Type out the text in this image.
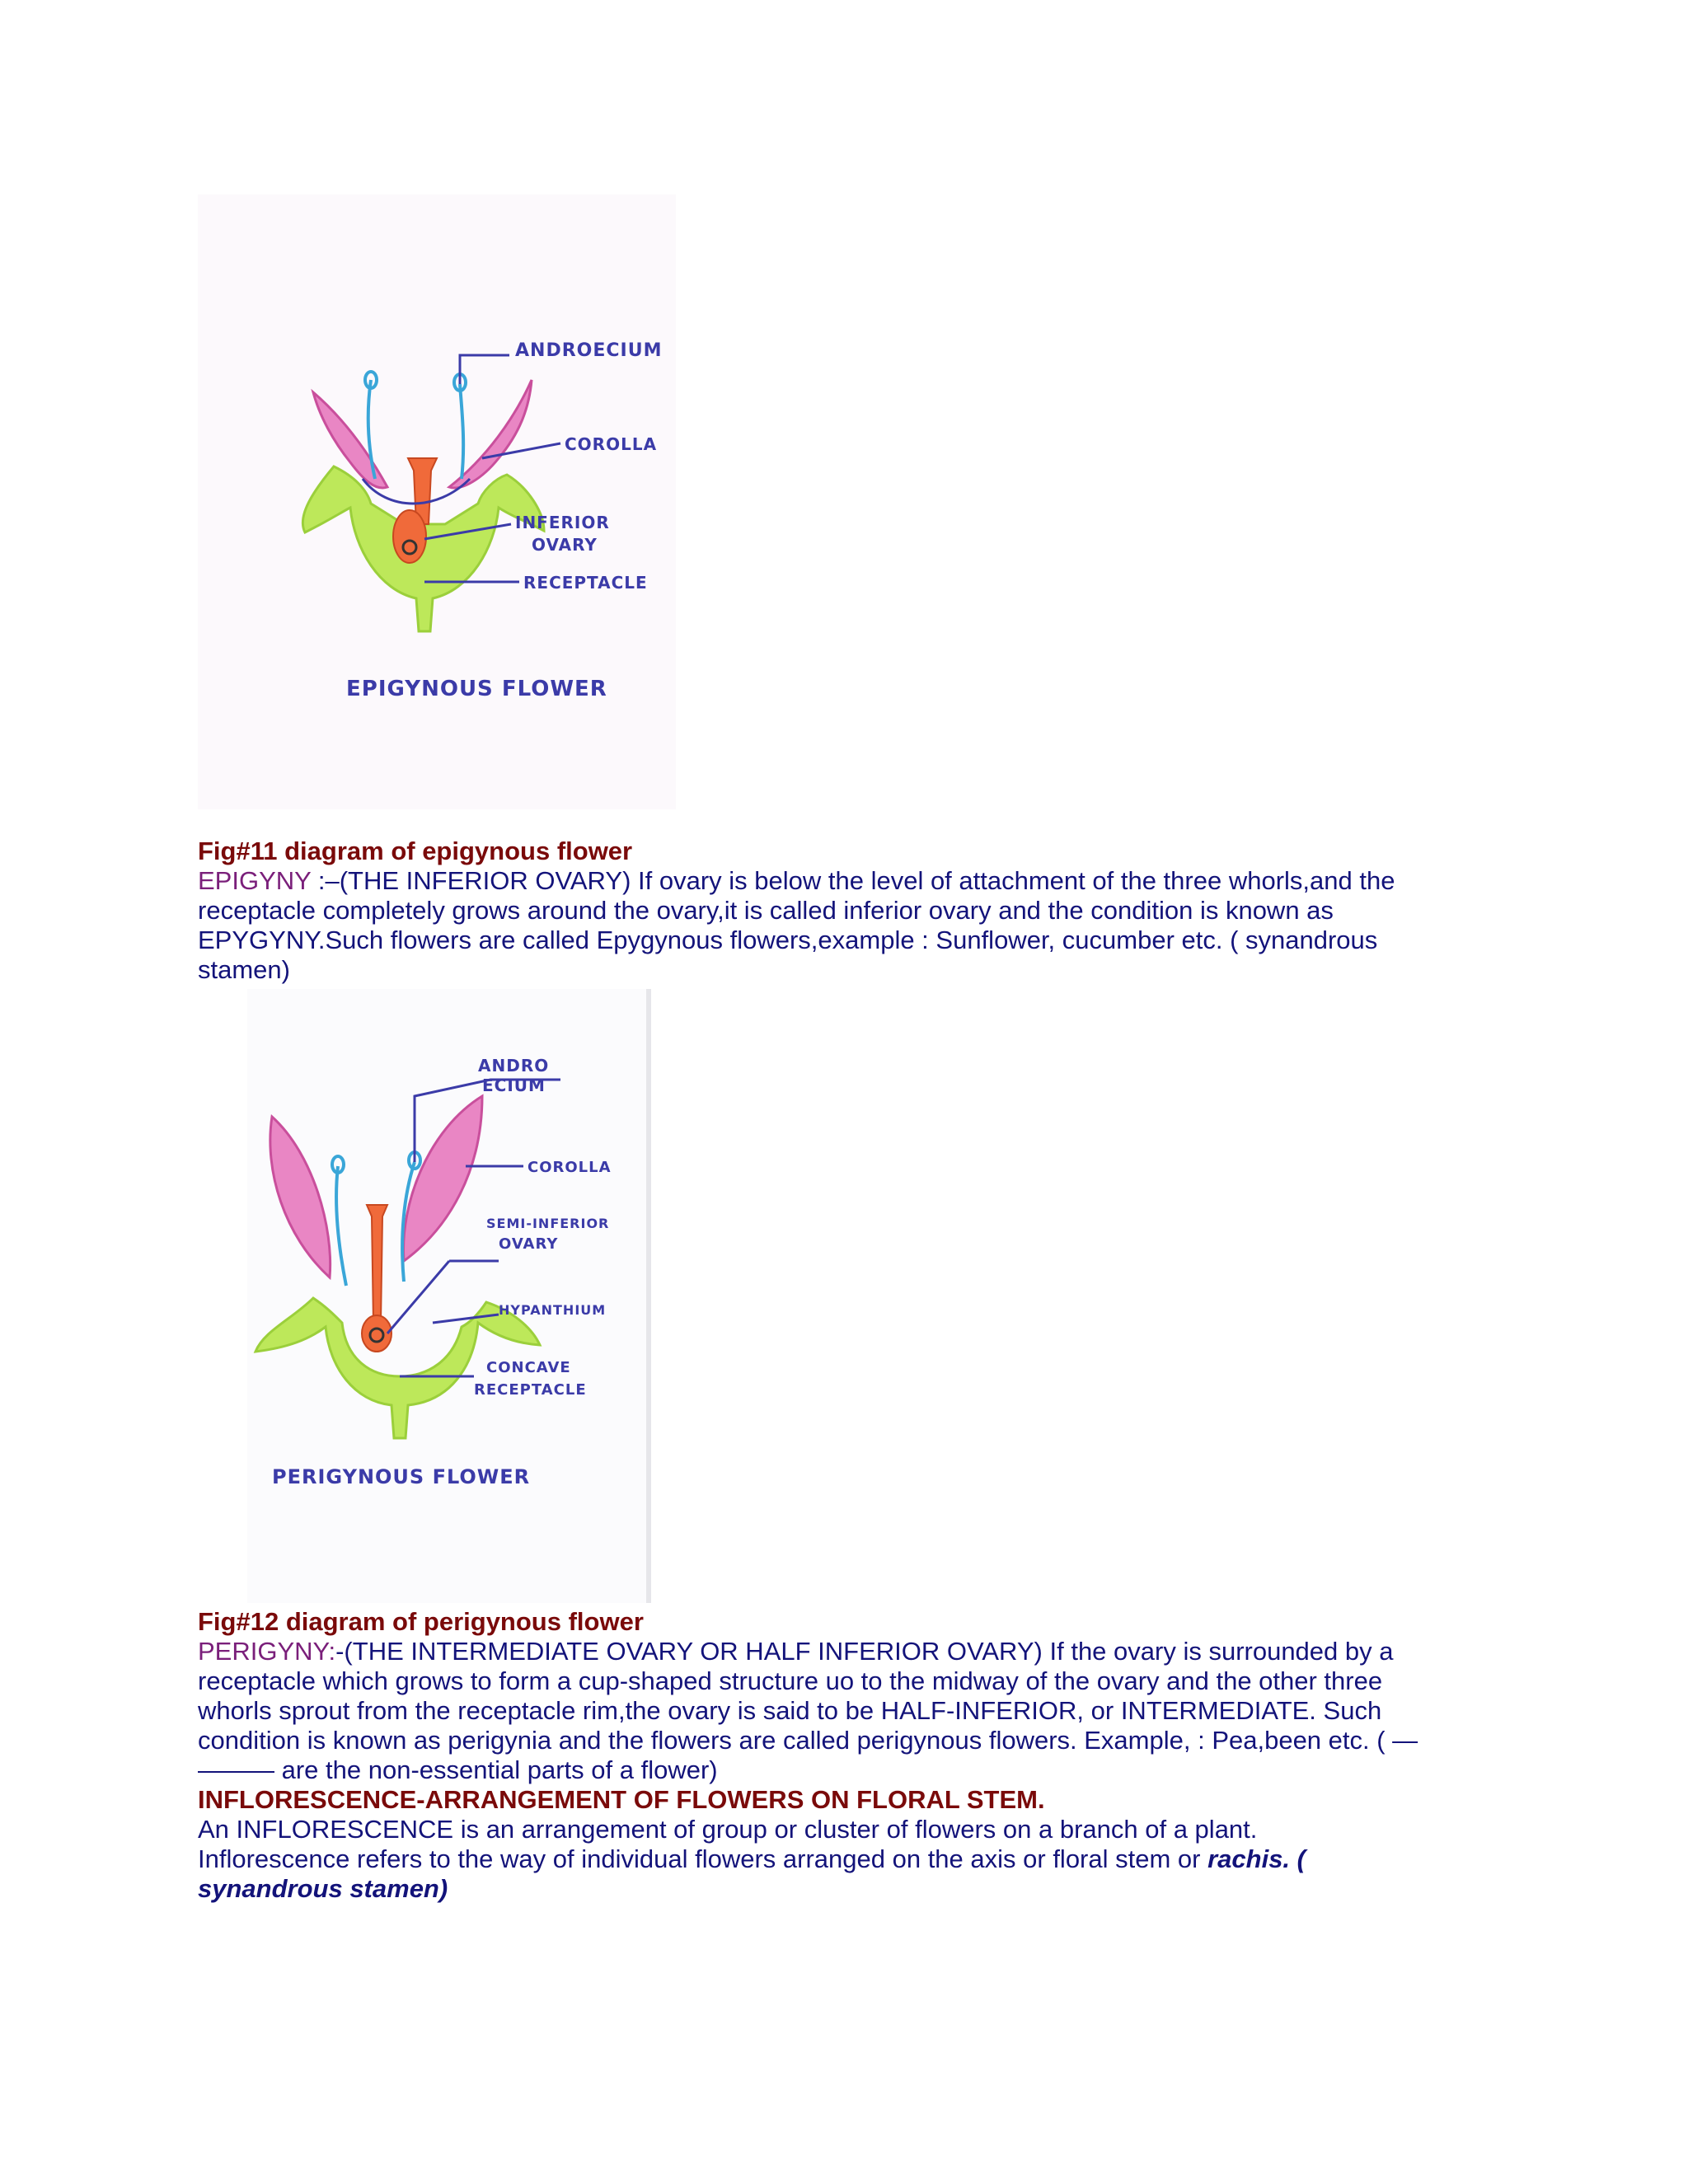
ANDROECIUM
COROLLA
INFERIOR
OVARY
RECEPTACLE
EPIGYNOUS FLOWER
Fig#11 diagram of epigynous flower
EPIGYNY :–(THE INFERIOR OVARY) If ovary is below the level of attachment of the three whorls,and the
receptacle completely grows around the ovary,it is called inferior ovary and the condition is known as
EPYGYNY.Such flowers are called Epygynous flowers,example : Sunflower, cucumber etc. ( synandrous
stamen)
ANDRO
ECIUM
COROLLA
SEMI-INFERIOR
OVARY
HYPANTHIUM
CONCAVE
RECEPTACLE
PERIGYNOUS FLOWER
Fig#12 diagram of perigynous flower
PERIGYNY:-(THE INTERMEDIATE OVARY OR HALF INFERIOR OVARY) If the ovary is surrounded by a
receptacle which grows to form a cup-shaped structure uo to the midway of the ovary and the other three
whorls sprout from the receptacle rim,the ovary is said to be HALF-INFERIOR, or INTERMEDIATE. Such
condition is known as perigynia and the flowers are called perigynous flowers. Example, : Pea,been etc. ( —
——— are the non-essential parts of a flower)
INFLORESCENCE-ARRANGEMENT OF FLOWERS ON FLORAL STEM.
An INFLORESCENCE is an arrangement of group or cluster of flowers on a branch of a plant.
Inflorescence refers to the way of individual flowers arranged on the axis or floral stem or rachis. (
synandrous stamen)
